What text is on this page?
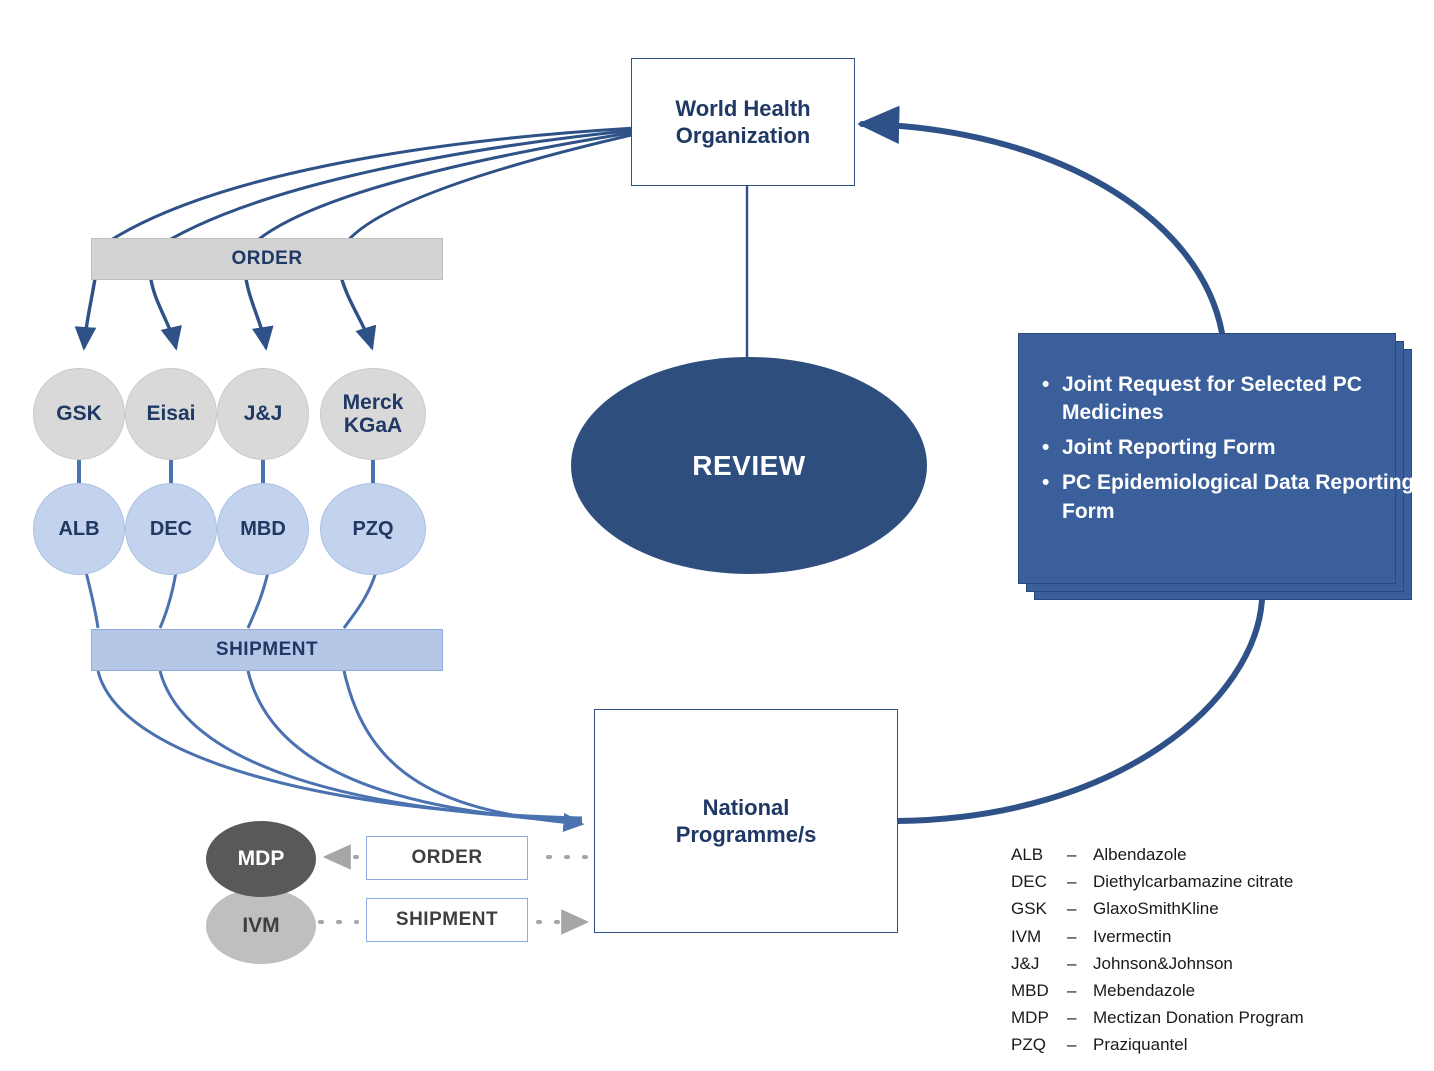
World Health
Organization
REVIEW
• Joint Request for Selected PC Medicines
• Joint Reporting Form
• PC Epidemiological Data Reporting Form
National
Programme/s
ORDER
SHIPMENT
GSK Eisai J&J
Merck KGaA
ALB	DEC MBD	PZQ
IVM
MDP	ORDER
SHIPMENT
ALB	– Albendazole
DEC	– Diethylcarbamazine citrate
GSK	– GlaxoSmithKline
IVM	– Ivermectin
J&J	– Johnson&Johnson
MBD	– Mebendazole
MDP	– Mectizan Donation Program
PZQ	– Praziquantel
